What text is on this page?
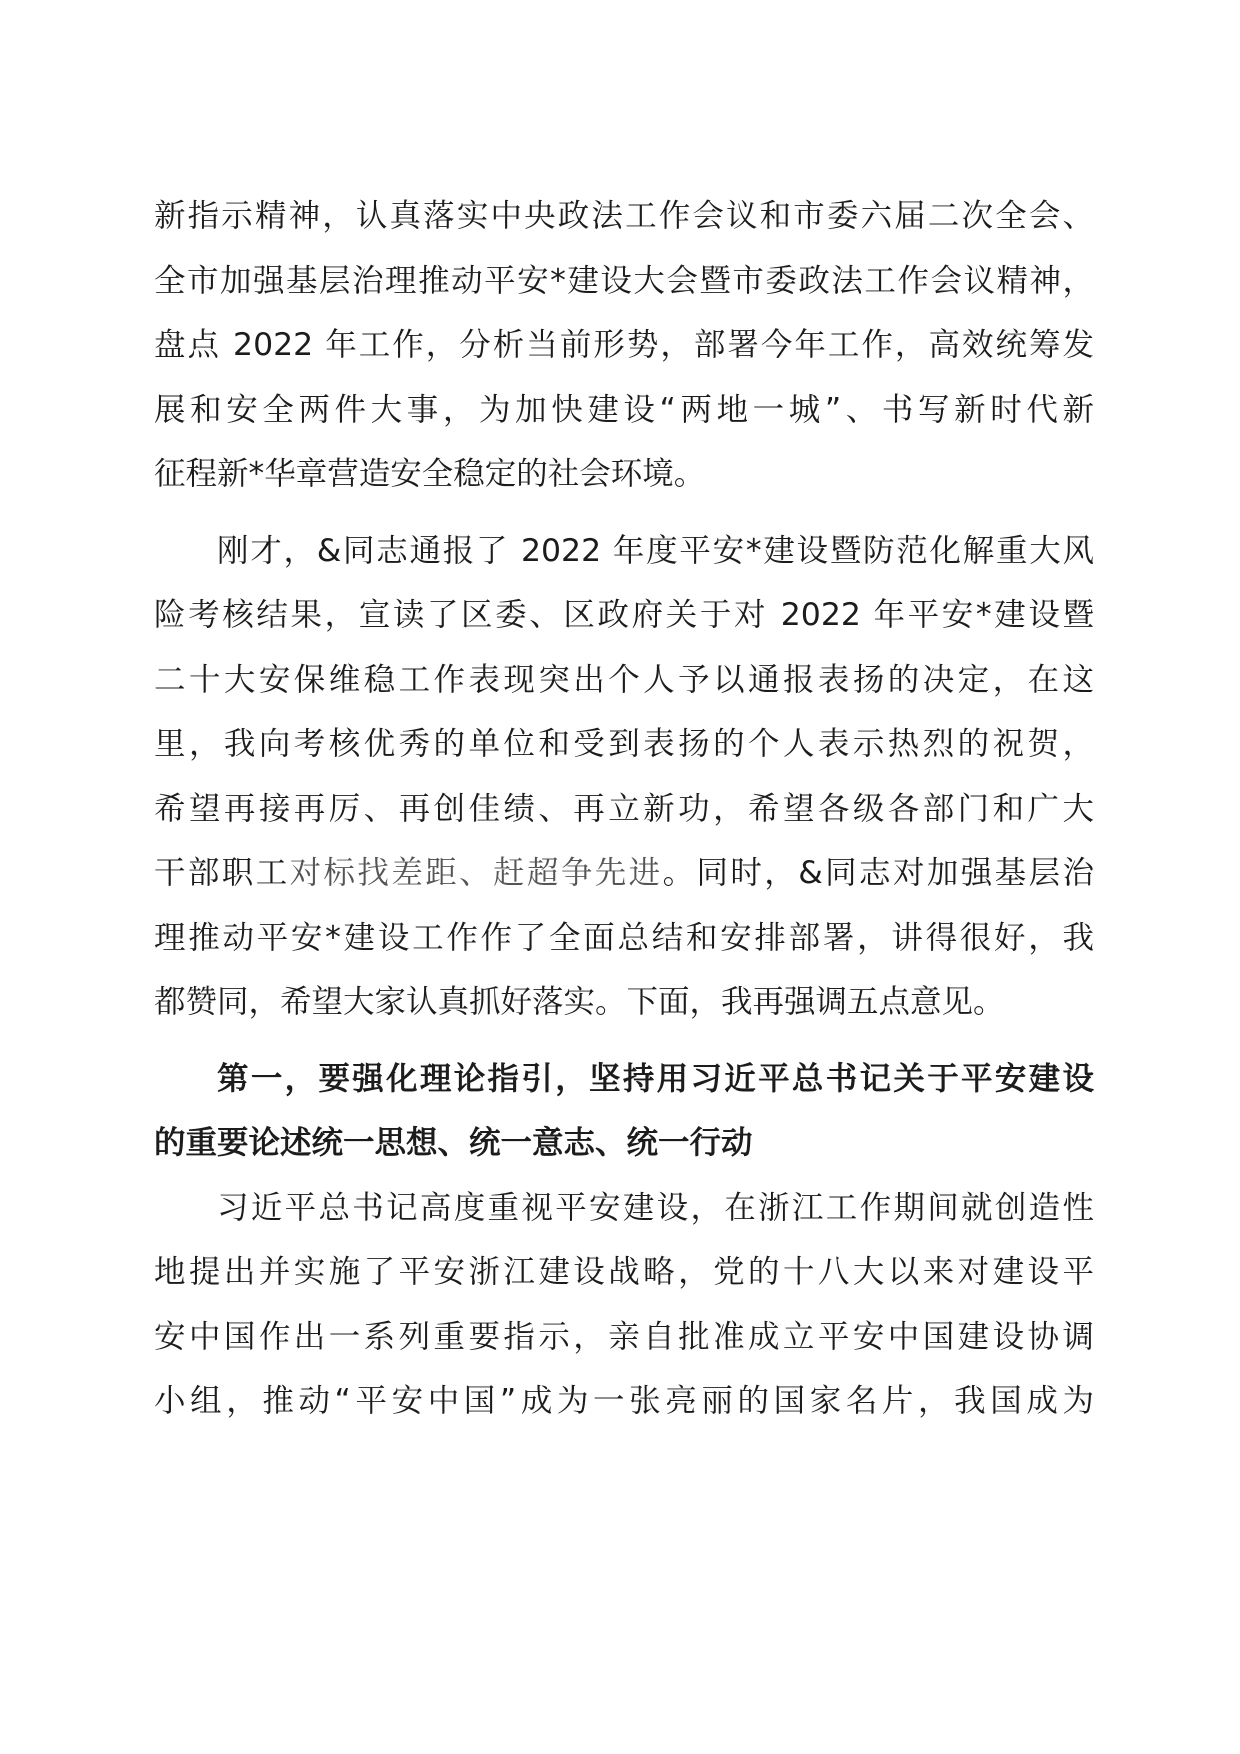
新指示精神，认真落实中央政法工作会议和市委六届二次全会、
全市加强基层治理推动平安*建设大会暨市委政法工作会议精神，
盘点 2022 年工作，分析当前形势，部署今年工作，高效统筹发
展和安全两件大事，为加快建设“两地一城”、书写新时代新
征程新*华章营造安全稳定的社会环境。

刚才，&同志通报了 2022 年度平安*建设暨防范化解重大风
险考核结果，宣读了区委、区政府关于对 2022 年平安*建设暨
二十大安保维稳工作表现突出个人予以通报表扬的决定，在这
里，我向考核优秀的单位和受到表扬的个人表示热烈的祝贺，
希望再接再厉、再创佳绩、再立新功，希望各级各部门和广大
干部职工对标找差距、赶超争先进。同时，&同志对加强基层治
理推动平安*建设工作作了全面总结和安排部署，讲得很好，我
都赞同，希望大家认真抓好落实。下面，我再强调五点意见。

第一，要强化理论指引，坚持用习近平总书记关于平安建设
的重要论述统一思想、统一意志、统一行动

习近平总书记高度重视平安建设，在浙江工作期间就创造性
地提出并实施了平安浙江建设战略，党的十八大以来对建设平
安中国作出一系列重要指示，亲自批准成立平安中国建设协调
小组，推动“平安中国”成为一张亮丽的国家名片，我国成为
